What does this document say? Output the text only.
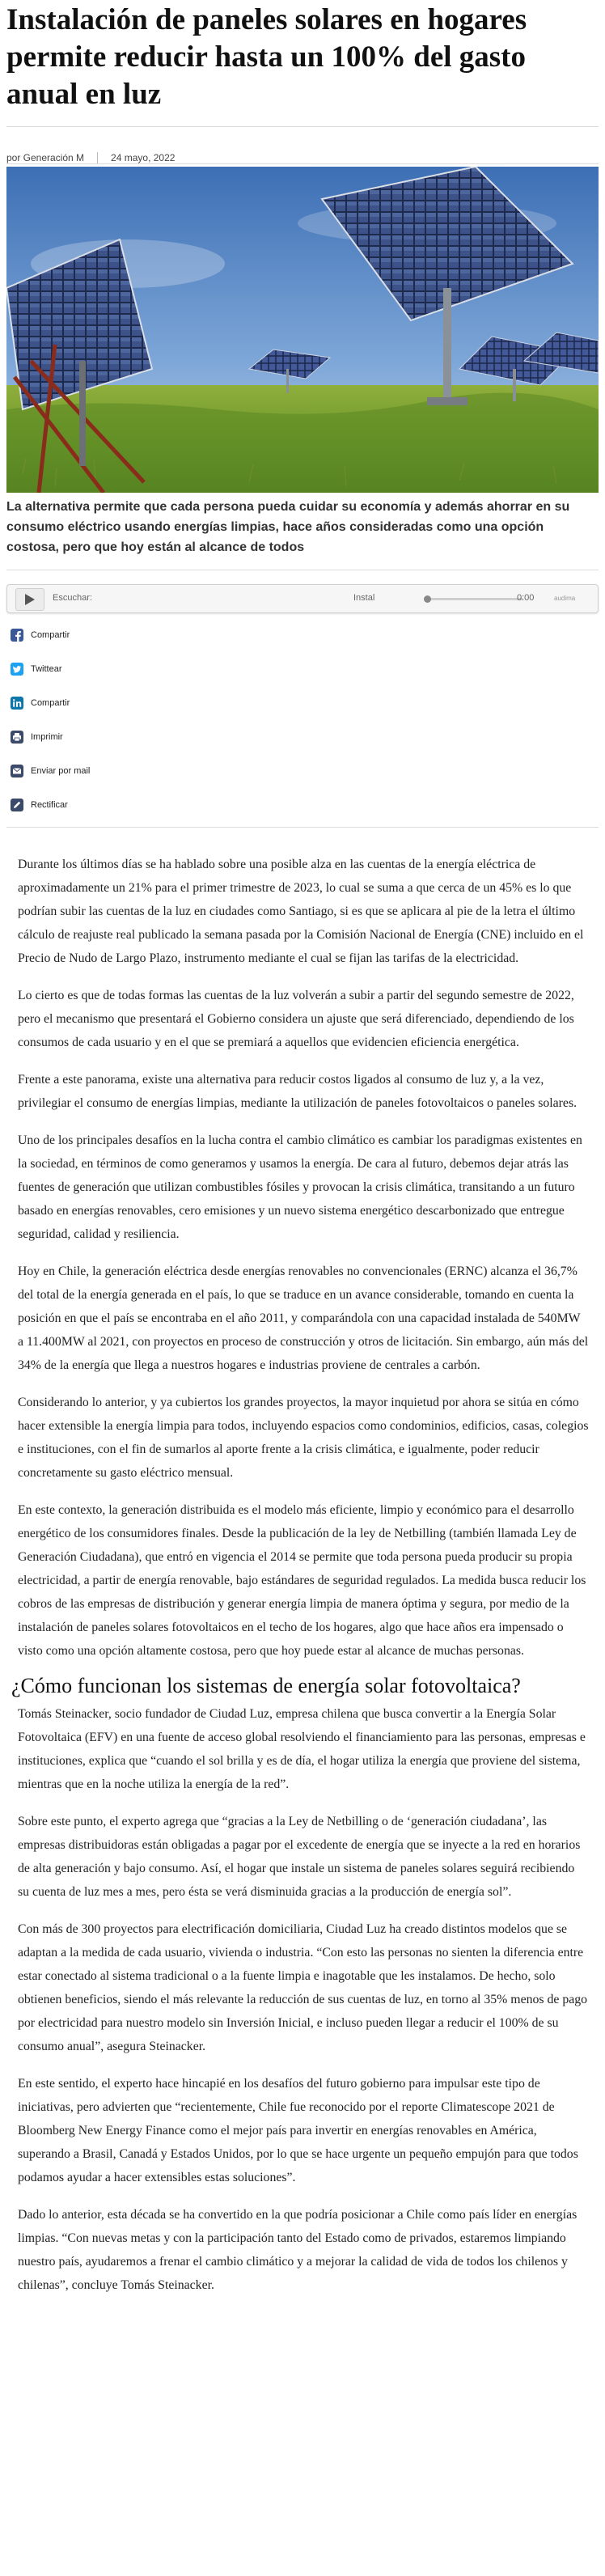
Instalación de paneles solares en hogares permite reducir hasta un 100% del gasto anual en luz
por Generación M	24 mayo, 2022

La alternativa permite que cada persona pueda cuidar su economía y además ahorrar en su consumo eléctrico usando energías limpias, hace años consideradas como una opción costosa, pero que hoy están al alcance de todos

Escuchar:	Instal	0:00	audima
Compartir
Twittear
Compartir
Imprimir
Enviar por mail
Rectificar

Durante los últimos días se ha hablado sobre una posible alza en las cuentas de la energía eléctrica de aproximadamente un 21% para el primer trimestre de 2023, lo cual se suma a que cerca de un 45% es lo que podrían subir las cuentas de la luz en ciudades como Santiago, si es que se aplicara al pie de la letra el último cálculo de reajuste real publicado la semana pasada por la Comisión Nacional de Energía (CNE) incluido en el Precio de Nudo de Largo Plazo, instrumento mediante el cual se fijan las tarifas de la electricidad.

Lo cierto es que de todas formas las cuentas de la luz volverán a subir a partir del segundo semestre de 2022, pero el mecanismo que presentará el Gobierno considera un ajuste que será diferenciado, dependiendo de los consumos de cada usuario y en el que se premiará a aquellos que evidencien eficiencia energética.

Frente a este panorama, existe una alternativa para reducir costos ligados al consumo de luz y, a la vez, privilegiar el consumo de energías limpias, mediante la utilización de paneles fotovoltaicos o paneles solares.

Uno de los principales desafíos en la lucha contra el cambio climático es cambiar los paradigmas existentes en la sociedad, en términos de como generamos y usamos la energía. De cara al futuro, debemos dejar atrás las fuentes de generación que utilizan combustibles fósiles y provocan la crisis climática, transitando a un futuro basado en energías renovables, cero emisiones y un nuevo sistema energético descarbonizado que entregue seguridad, calidad y resiliencia.

Hoy en Chile, la generación eléctrica desde energías renovables no convencionales (ERNC) alcanza el 36,7% del total de la energía generada en el país, lo que se traduce en un avance considerable, tomando en cuenta la posición en que el país se encontraba en el año 2011, y comparándola con una capacidad instalada de 540MW a 11.400MW al 2021, con proyectos en proceso de construcción y otros de licitación. Sin embargo, aún más del 34% de la energía que llega a nuestros hogares e industrias proviene de centrales a carbón.

Considerando lo anterior, y ya cubiertos los grandes proyectos, la mayor inquietud por ahora se sitúa en cómo hacer extensible la energía limpia para todos, incluyendo espacios como condominios, edificios, casas, colegios e instituciones, con el fin de sumarlos al aporte frente a la crisis climática, e igualmente, poder reducir concretamente su gasto eléctrico mensual.

En este contexto, la generación distribuida es el modelo más eficiente, limpio y económico para el desarrollo energético de los consumidores finales. Desde la publicación de la ley de Netbilling (también llamada Ley de Generación Ciudadana), que entró en vigencia el 2014 se permite que toda persona pueda producir su propia electricidad, a partir de energía renovable, bajo estándares de seguridad regulados. La medida busca reducir los cobros de las empresas de distribución y generar energía limpia de manera óptima y segura, por medio de la instalación de paneles solares fotovoltaicos en el techo de los hogares, algo que hace años era impensado o visto como una opción altamente costosa, pero que hoy puede estar al alcance de muchas personas.

¿Cómo funcionan los sistemas de energía solar fotovoltaica?

Tomás Steinacker, socio fundador de Ciudad Luz, empresa chilena que busca convertir a la Energía Solar Fotovoltaica (EFV) en una fuente de acceso global resolviendo el financiamiento para las personas, empresas e instituciones, explica que “cuando el sol brilla y es de día, el hogar utiliza la energía que proviene del sistema, mientras que en la noche utiliza la energía de la red”.

Sobre este punto, el experto agrega que “gracias a la Ley de Netbilling o de ‘generación ciudadana’, las empresas distribuidoras están obligadas a pagar por el excedente de energía que se inyecte a la red en horarios de alta generación y bajo consumo. Así, el hogar que instale un sistema de paneles solares seguirá recibiendo su cuenta de luz mes a mes, pero ésta se verá disminuida gracias a la producción de energía sol”.

Con más de 300 proyectos para electrificación domiciliaria, Ciudad Luz ha creado distintos modelos que se adaptan a la medida de cada usuario, vivienda o industria. “Con esto las personas no sienten la diferencia entre estar conectado al sistema tradicional o a la fuente limpia e inagotable que les instalamos. De hecho, solo obtienen beneficios, siendo el más relevante la reducción de sus cuentas de luz, en torno al 35% menos de pago por electricidad para nuestro modelo sin Inversión Inicial, e incluso pueden llegar a reducir el 100% de su consumo anual”, asegura Steinacker.

En este sentido, el experto hace hincapié en los desafíos del futuro gobierno para impulsar este tipo de iniciativas, pero advierten que “recientemente, Chile fue reconocido por el reporte Climatescope 2021 de Bloomberg New Energy Finance como el mejor país para invertir en energías renovables en América, superando a Brasil, Canadá y Estados Unidos, por lo que se hace urgente un pequeño empujón para que todos podamos ayudar a hacer extensibles estas soluciones”.

Dado lo anterior, esta década se ha convertido en la que podría posicionar a Chile como país líder en energías limpias. “Con nuevas metas y con la participación tanto del Estado como de privados, estaremos limpiando nuestro país, ayudaremos a frenar el cambio climático y a mejorar la calidad de vida de todos los chilenos y chilenas”, concluye Tomás Steinacker.
